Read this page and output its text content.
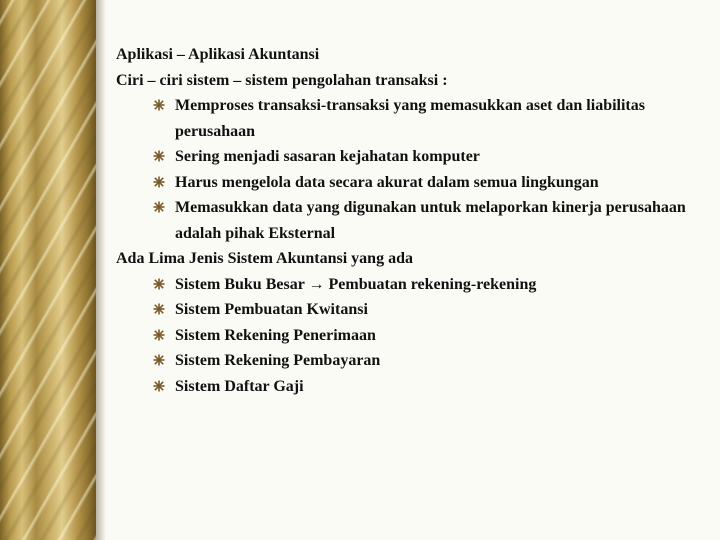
Aplikasi – Aplikasi Akuntansi

Ciri – ciri sistem – sistem pengolahan transaksi :

Memproses transaksi-transaksi yang memasukkan aset dan liabilitas perusahaan
Sering menjadi sasaran kejahatan komputer
Harus mengelola data secara akurat dalam semua lingkungan
Memasukkan data yang digunakan untuk melaporkan kinerja perusahaan adalah pihak Eksternal

Ada Lima Jenis Sistem Akuntansi yang ada

Sistem Buku Besar → Pembuatan rekening-rekening
Sistem Pembuatan Kwitansi
Sistem Rekening Penerimaan
Sistem Rekening Pembayaran
Sistem Daftar Gaji
